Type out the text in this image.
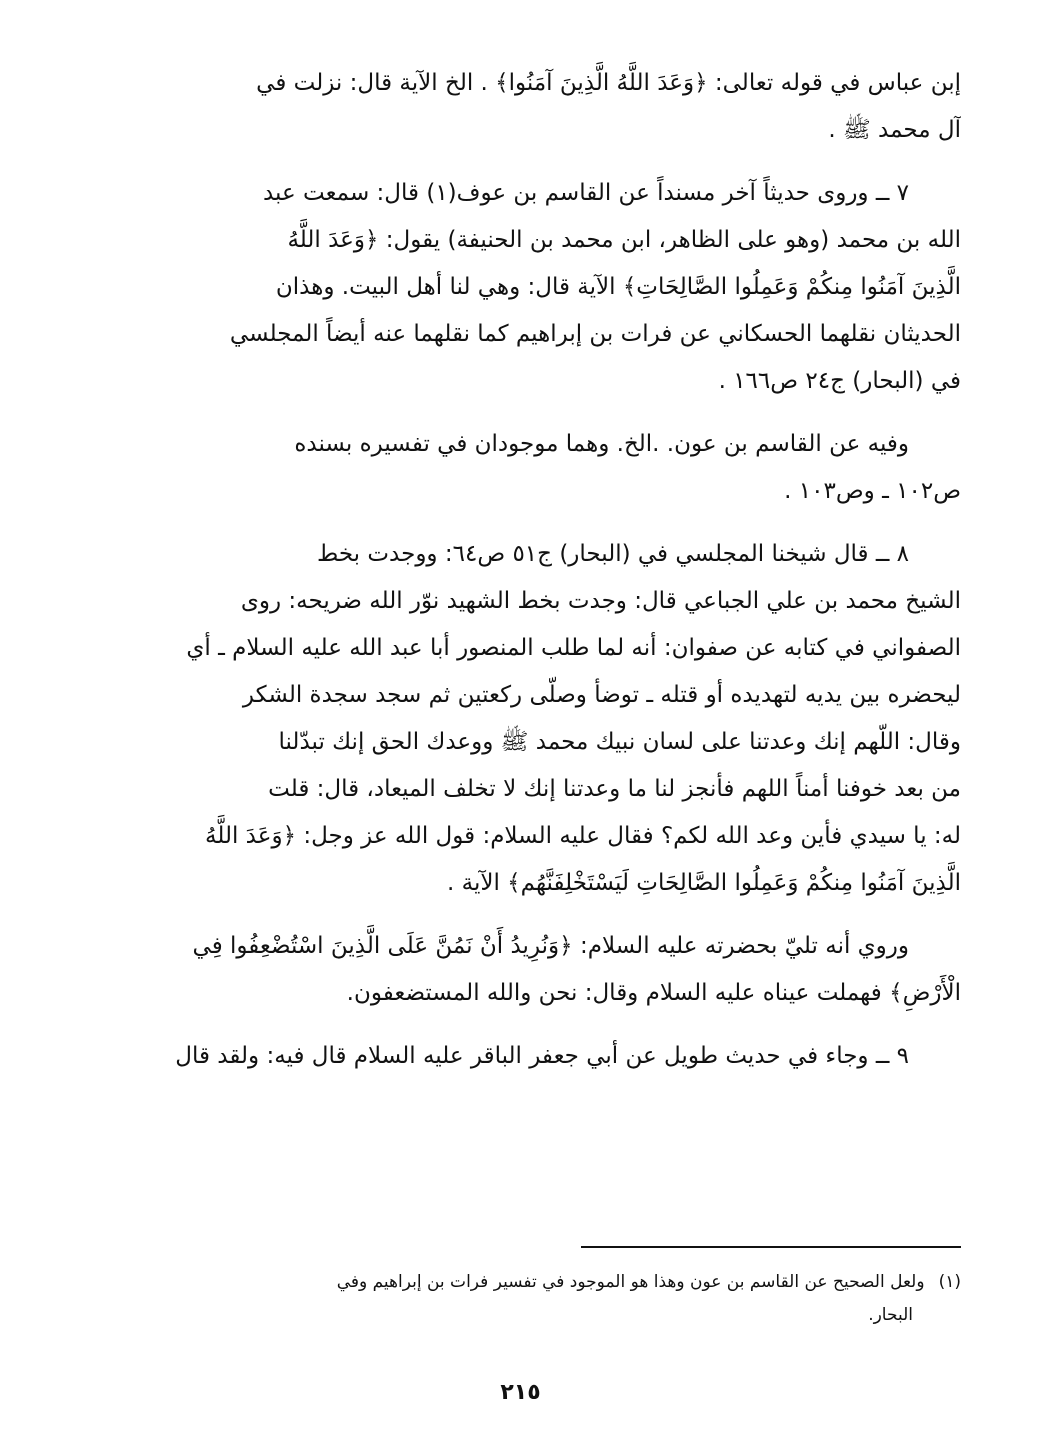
إبن عباس في قوله تعالى: ﴿وَعَدَ اللَّهُ الَّذِينَ آمَنُوا﴾ . الخ الآية قال: نزلت في
آل محمد ﷺ .
٧ ــ وروى حديثاً آخر مسنداً عن القاسم بن عوف(١) قال: سمعت عبد
الله بن محمد (وهو على الظاهر، ابن محمد بن الحنيفة) يقول: ﴿وَعَدَ اللَّهُ
الَّذِينَ آمَنُوا مِنكُمْ وَعَمِلُوا الصَّالِحَاتِ﴾ الآية قال: وهي لنا أهل البيت. وهذان
الحديثان نقلهما الحسكاني عن فرات بن إبراهيم كما نقلهما عنه أيضاً المجلسي
في (البحار) ج٢٤ ص١٦٦ .
وفيه عن القاسم بن عون. .الخ. وهما موجودان في تفسيره بسنده
ص١٠٢ ـ وص١٠٣ .
٨ ــ قال شيخنا المجلسي في (البحار) ج٥١ ص٦٤: ووجدت بخط
الشيخ محمد بن علي الجباعي قال: وجدت بخط الشهيد نوّر الله ضريحه: روى
الصفواني في كتابه عن صفوان: أنه لما طلب المنصور أبا عبد الله عليه السلام ـ أي
ليحضره بين يديه لتهديده أو قتله ـ توضأ وصلّى ركعتين ثم سجد سجدة الشكر
وقال: اللّهم إنك وعدتنا على لسان نبيك محمد ﷺ ووعدك الحق إنك تبدّلنا
من بعد خوفنا أمناً اللهم فأنجز لنا ما وعدتنا إنك لا تخلف الميعاد، قال: قلت
له: يا سيدي فأين وعد الله لكم؟ فقال عليه السلام: قول الله عز وجل: ﴿وَعَدَ اللَّهُ
الَّذِينَ آمَنُوا مِنكُمْ وَعَمِلُوا الصَّالِحَاتِ لَيَسْتَخْلِفَنَّهُم﴾ الآية .
وروي أنه تليّ بحضرته عليه السلام: ﴿وَنُرِيدُ أَنْ نَمُنَّ عَلَى الَّذِينَ اسْتُضْعِفُوا فِي
الْأَرْضِ﴾ فهملت عيناه عليه السلام وقال: نحن والله المستضعفون.
٩ ــ وجاء في حديث طويل عن أبي جعفر الباقر عليه السلام قال فيه: ولقد قال
(١)ولعل الصحيح عن القاسم بن عون وهذا هو الموجود في تفسير فرات بن إبراهيم وفي
البحار.
٢١٥
